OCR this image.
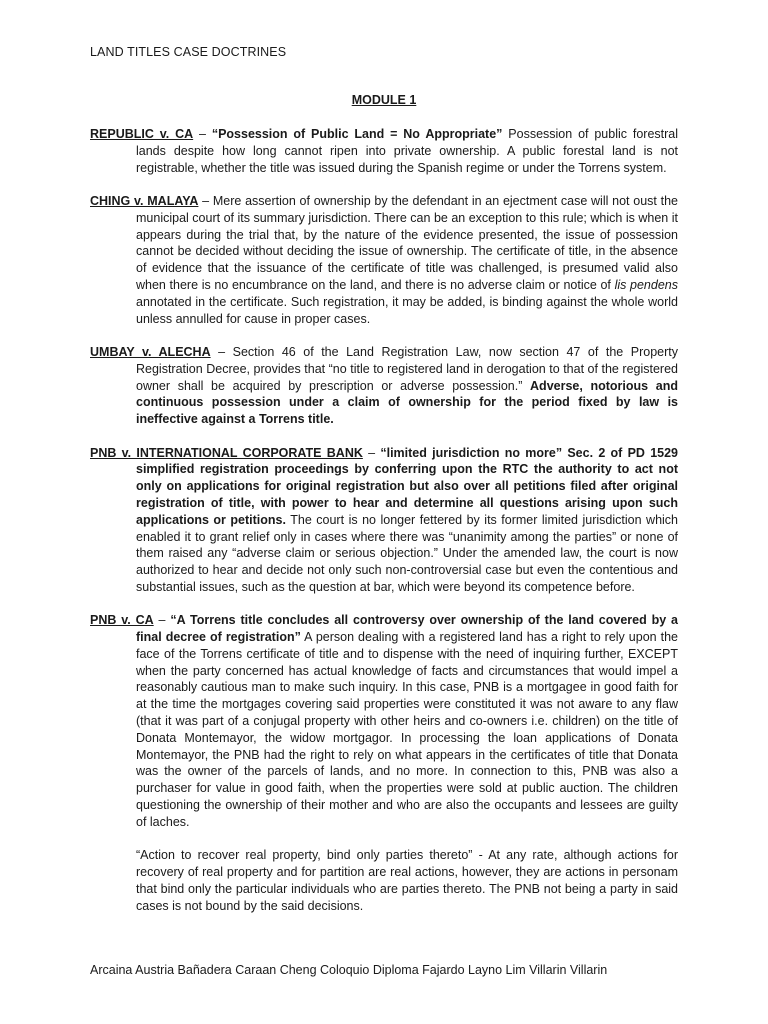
LAND TITLES CASE DOCTRINES
MODULE 1

REPUBLIC v. CA – “Possession of Public Land = No Appropriate” Possession of public forestral lands despite how long cannot ripen into private ownership. A public forestal land is not registrable, whether the title was issued during the Spanish regime or under the Torrens system.

CHING v. MALAYA – Mere assertion of ownership by the defendant in an ejectment case will not oust the municipal court of its summary jurisdiction. There can be an exception to this rule; which is when it appears during the trial that, by the nature of the evidence presented, the issue of possession cannot be decided without deciding the issue of ownership. The certificate of title, in the absence of evidence that the issuance of the certificate of title was challenged, is presumed valid also when there is no encumbrance on the land, and there is no adverse claim or notice of lis pendens annotated in the certificate. Such registration, it may be added, is binding against the whole world unless annulled for cause in proper cases.

UMBAY v. ALECHA – Section 46 of the Land Registration Law, now section 47 of the Property Registration Decree, provides that “no title to registered land in derogation to that of the registered owner shall be acquired by prescription or adverse possession.” Adverse, notorious and continuous possession under a claim of ownership for the period fixed by law is ineffective against a Torrens title.

PNB v. INTERNATIONAL CORPORATE BANK – “limited jurisdiction no more” Sec. 2 of PD 1529 simplified registration proceedings by conferring upon the RTC the authority to act not only on applications for original registration but also over all petitions filed after original registration of title, with power to hear and determine all questions arising upon such applications or petitions. The court is no longer fettered by its former limited jurisdiction which enabled it to grant relief only in cases where there was “unanimity among the parties” or none of them raised any “adverse claim or serious objection.” Under the amended law, the court is now authorized to hear and decide not only such non-controversial case but even the contentious and substantial issues, such as the question at bar, which were beyond its competence before.

PNB v. CA – “A Torrens title concludes all controversy over ownership of the land covered by a final decree of registration” A person dealing with a registered land has a right to rely upon the face of the Torrens certificate of title and to dispense with the need of inquiring further, EXCEPT when the party concerned has actual knowledge of facts and circumstances that would impel a reasonably cautious man to make such inquiry. In this case, PNB is a mortgagee in good faith for at the time the mortgages covering said properties were constituted it was not aware to any flaw (that it was part of a conjugal property with other heirs and co-owners i.e. children) on the title of Donata Montemayor, the widow mortgagor. In processing the loan applications of Donata Montemayor, the PNB had the right to rely on what appears in the certificates of title that Donata was the owner of the parcels of lands, and no more. In connection to this, PNB was also a purchaser for value in good faith, when the properties were sold at public auction. The children questioning the ownership of their mother and who are also the occupants and lessees are guilty of laches.

“Action to recover real property, bind only parties thereto” - At any rate, although actions for recovery of real property and for partition are real actions, however, they are actions in personam that bind only the particular individuals who are parties thereto. The PNB not being a party in said cases is not bound by the said decisions.

Arcaina Austria Bañadera Caraan Cheng Coloquio Diploma Fajardo Layno Lim Villarin Villarin
